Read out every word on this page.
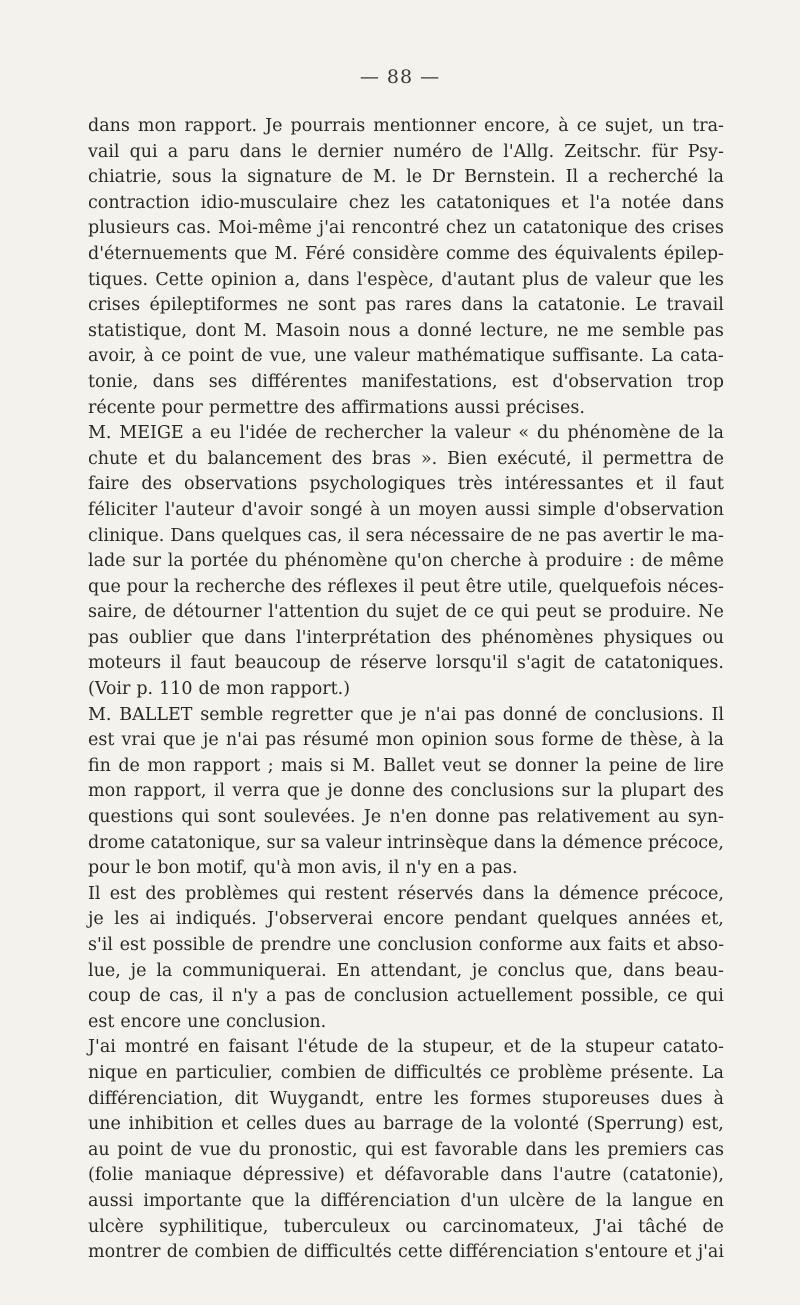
— 88 —
dans mon rapport. Je pourrais mentionner encore, à ce sujet, un tra-
vail qui a paru dans le dernier numéro de l'Allg. Zeitschr. für Psy-
chiatrie, sous la signature de M. le Dr Bernstein. Il a recherché la
contraction idio-musculaire chez les catatoniques et l'a notée dans
plusieurs cas. Moi-même j'ai rencontré chez un catatonique des crises
d'éternuements que M. Féré considère comme des équivalents épilep-
tiques. Cette opinion a, dans l'espèce, d'autant plus de valeur que les
crises épileptiformes ne sont pas rares dans la catatonie. Le travail
statistique, dont M. Masoin nous a donné lecture, ne me semble pas
avoir, à ce point de vue, une valeur mathématique suffisante. La cata-
tonie, dans ses différentes manifestations, est d'observation trop
récente pour permettre des affirmations aussi précises.
M. MEIGE a eu l'idée de rechercher la valeur « du phénomène de la
chute et du balancement des bras ». Bien exécuté, il permettra de
faire des observations psychologiques très intéressantes et il faut
féliciter l'auteur d'avoir songé à un moyen aussi simple d'observation
clinique. Dans quelques cas, il sera nécessaire de ne pas avertir le ma-
lade sur la portée du phénomène qu'on cherche à produire : de même
que pour la recherche des réflexes il peut être utile, quelquefois néces-
saire, de détourner l'attention du sujet de ce qui peut se produire. Ne
pas oublier que dans l'interprétation des phénomènes physiques ou
moteurs il faut beaucoup de réserve lorsqu'il s'agit de catatoniques.
(Voir p. 110 de mon rapport.)
M. BALLET semble regretter que je n'ai pas donné de conclusions. Il
est vrai que je n'ai pas résumé mon opinion sous forme de thèse, à la
fin de mon rapport ; mais si M. Ballet veut se donner la peine de lire
mon rapport, il verra que je donne des conclusions sur la plupart des
questions qui sont soulevées. Je n'en donne pas relativement au syn-
drome catatonique, sur sa valeur intrinsèque dans la démence précoce,
pour le bon motif, qu'à mon avis, il n'y en a pas.
Il est des problèmes qui restent réservés dans la démence précoce,
je les ai indiqués. J'observerai encore pendant quelques années et,
s'il est possible de prendre une conclusion conforme aux faits et abso-
lue, je la communiquerai. En attendant, je conclus que, dans beau-
coup de cas, il n'y a pas de conclusion actuellement possible, ce qui
est encore une conclusion.
J'ai montré en faisant l'étude de la stupeur, et de la stupeur catato-
nique en particulier, combien de difficultés ce problème présente. La
différenciation, dit Wuygandt, entre les formes stuporeuses dues à
une inhibition et celles dues au barrage de la volonté (Sperrung) est,
au point de vue du pronostic, qui est favorable dans les premiers cas
(folie maniaque dépressive) et défavorable dans l'autre (catatonie),
aussi importante que la différenciation d'un ulcère de la langue en
ulcère syphilitique, tuberculeux ou carcinomateux, J'ai tâché de
montrer de combien de difficultés cette différenciation s'entoure et j'ai
